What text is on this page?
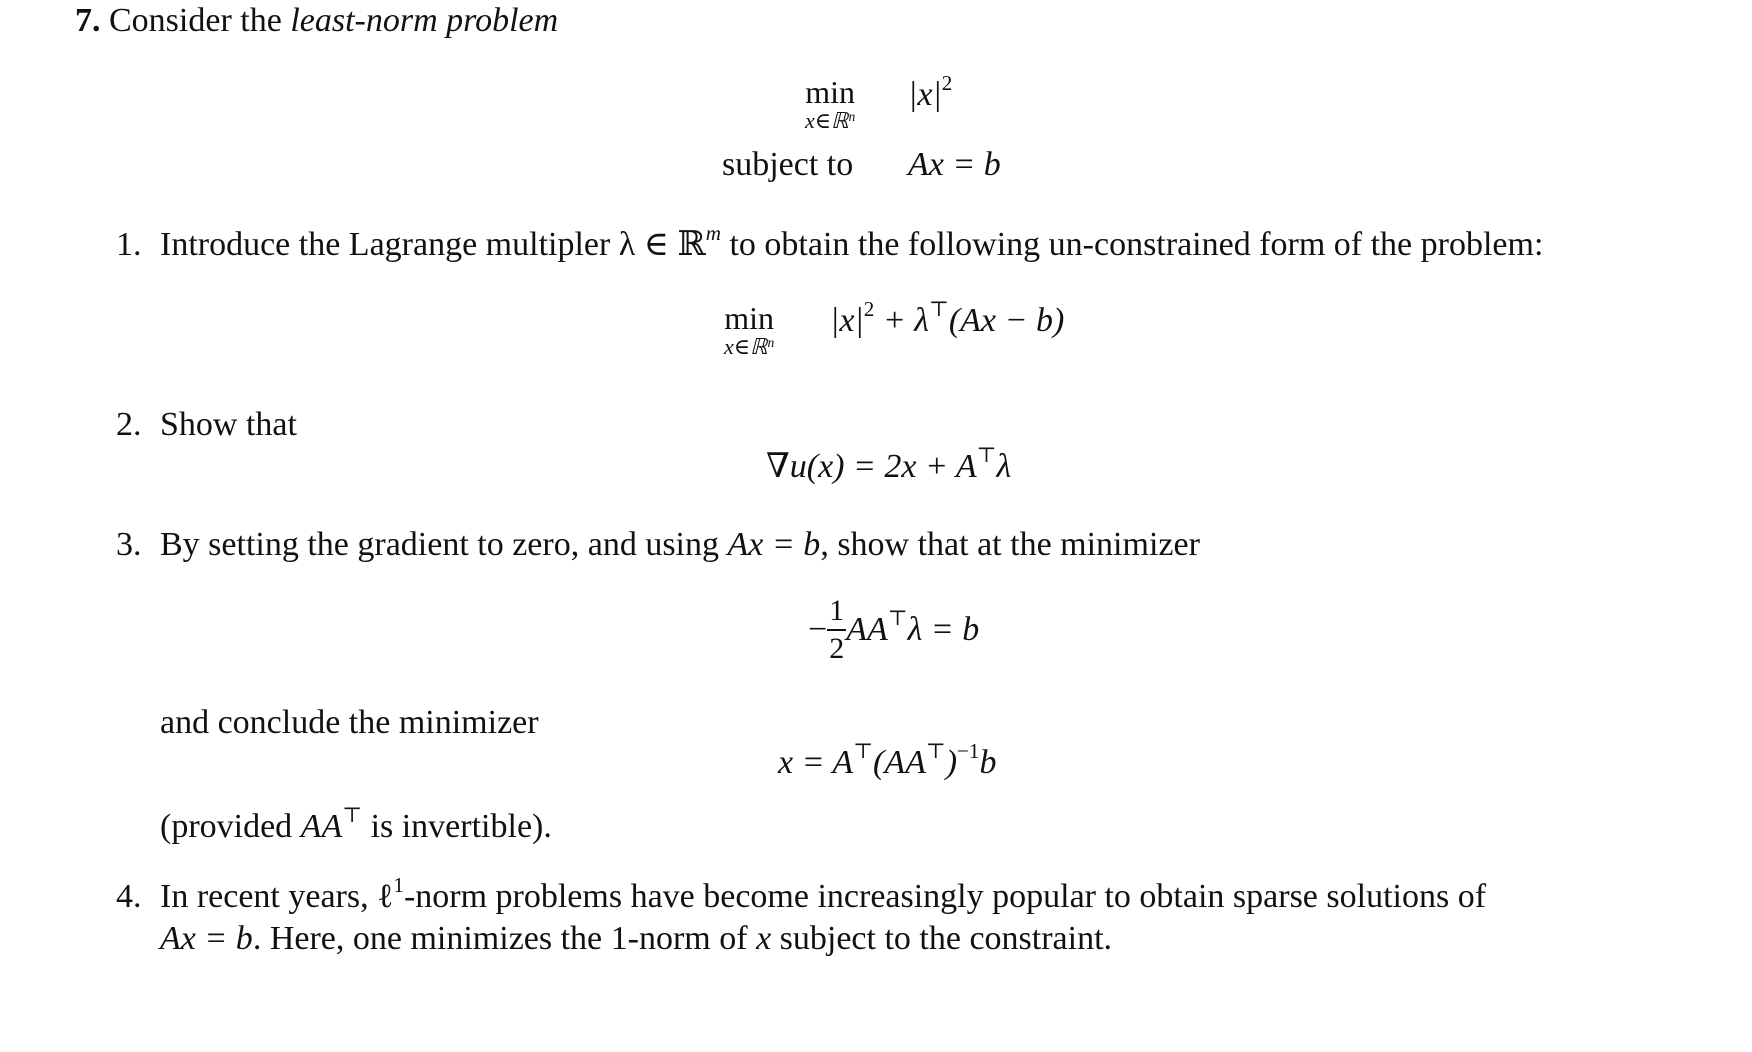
7. Consider the least-norm problem
min
x∈ℝ$^n$
$|x|^2$
subject to Ax = b
1. Introduce the Lagrange multipler λ ∈ ℝ$^m$ to obtain the following un-constrained form of the problem:
min
x∈ℝ$^n$
$|x|^2 + \lambda^⊤(Ax - b)$
2. Show that
∇u(x) = 2x + A⊤λ
3. By setting the gradient to zero, and using Ax = b, show that at the minimizer
− $\frac{1}{2} AA^⊤\lambda = b$
and conclude the minimizer
$x = A^⊤(AA^⊤)^{-1}b$
(provided AA⊤ is invertible).
4. In recent years, ℓ$^1$-norm problems have become increasingly popular to obtain sparse solutions of
Ax = b. Here, one minimizes the 1-norm of x subject to the constraint.
